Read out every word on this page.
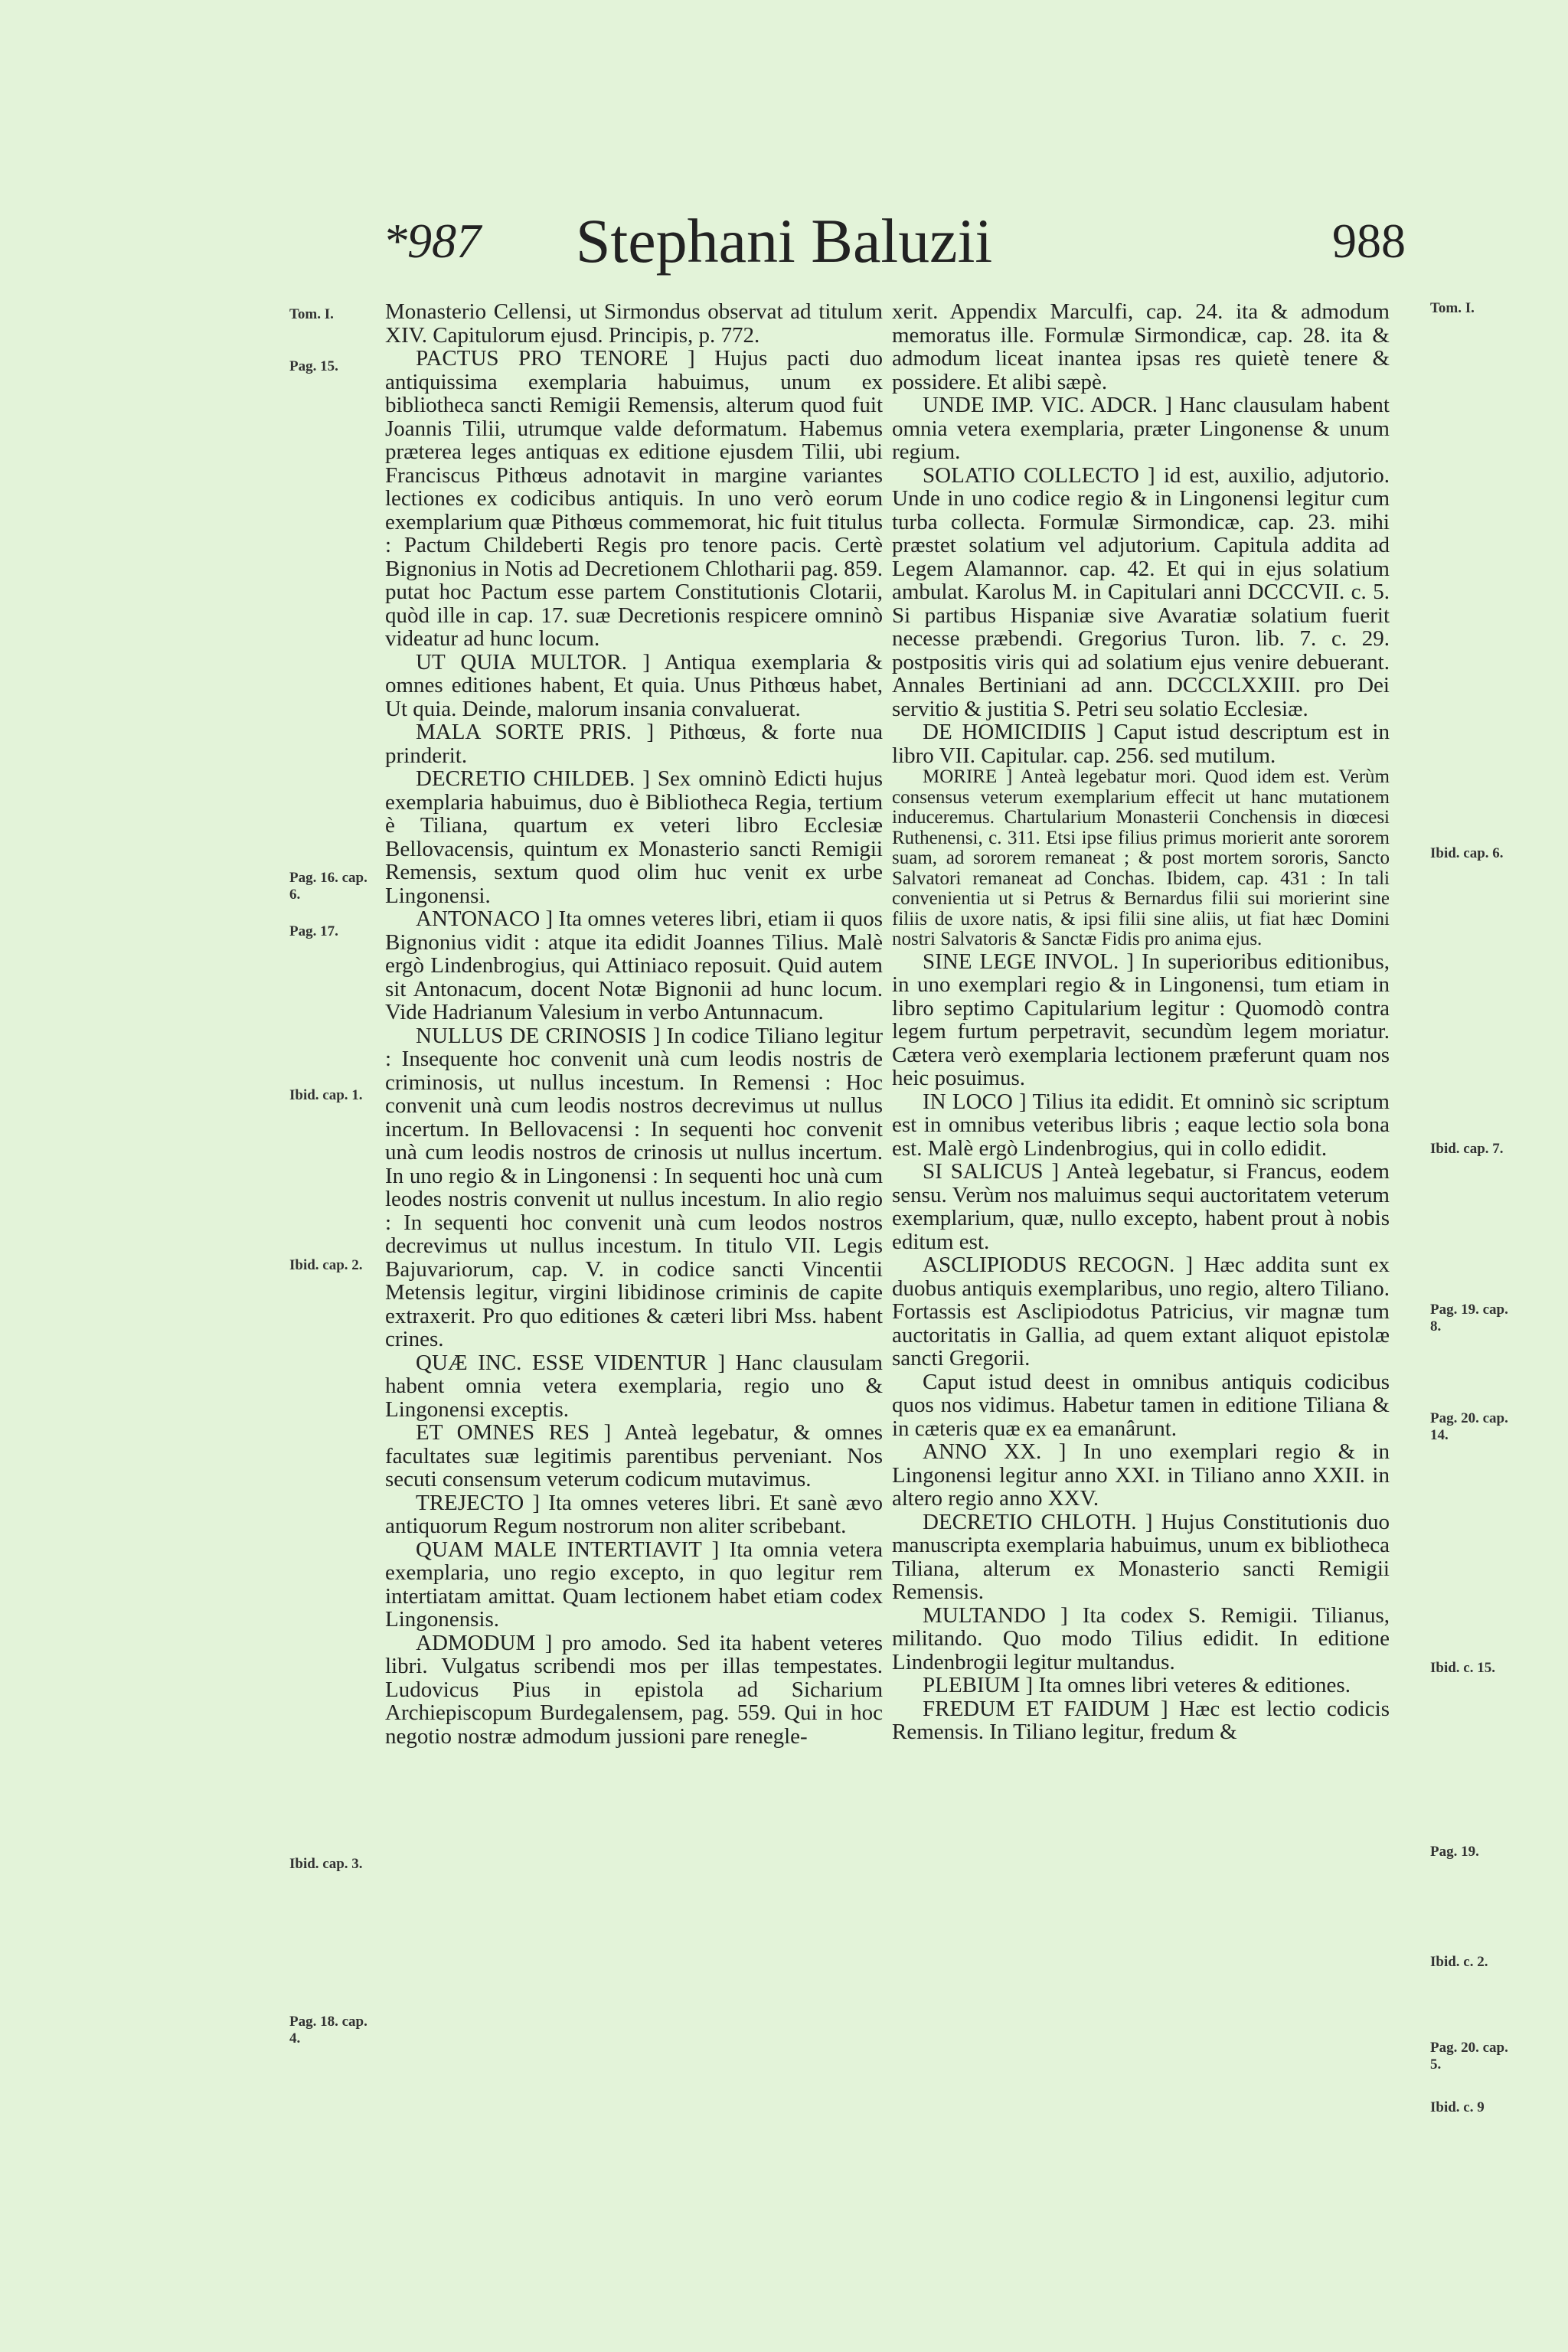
*987	Stephani Baluzii	988
Tom. I.
Pag. 15.
Pag. 16. cap. 6.
Pag. 17.
Ibid. cap. 1.
Ibid. cap. 2.
Ibid. cap. 3.
Pag. 18. cap. 4.
Tom. I.
Ibid. cap. 6.
Ibid. cap. 7.
Pag. 19. cap. 8.
Pag. 20. cap. 14.
Ibid. c. 15.
Pag. 19.
Ibid. c. 2.
Pag. 20. cap. 5.
Ibid. c. 9

Monasterio Cellensi, ut Sirmondus observat ad titulum XIV. Capitulorum ejusd. Principis, p. 772.

PACTUS PRO TENORE ] Hujus pacti duo antiquissima exemplaria habuimus, unum ex bibliotheca sancti Remigii Remensis, alterum quod fuit Joannis Tilii, utrumque valde deformatum. Habemus præterea leges antiquas ex editione ejusdem Tilii, ubi Franciscus Pithœus adnotavit in margine variantes lectiones ex codicibus antiquis. In uno verò eorum exemplarium quæ Pithœus commemorat, hic fuit titulus : Pactum Childeberti Regis pro tenore pacis. Certè Bignonius in Notis ad Decretionem Chlotharii pag. 859. putat hoc Pactum esse partem Constitutionis Clotarii, quòd ille in cap. 17. suæ Decretionis respicere omninò videatur ad hunc locum.

UT QUIA MULTOR. ] Antiqua exemplaria & omnes editiones habent, Et quia. Unus Pithœus habet, Ut quia. Deinde, malorum insania convaluerat.

MALA SORTE PRIS. ] Pithœus, & forte nua prinderit.

DECRETIO CHILDEB. ] Sex omninò Edicti hujus exemplaria habuimus, duo è Bibliotheca Regia, tertium è Tiliana, quartum ex veteri libro Ecclesiæ Bellovacensis, quintum ex Monasterio sancti Remigii Remensis, sextum quod olim huc venit ex urbe Lingonensi.

ANTONACO ] Ita omnes veteres libri, etiam ii quos Bignonius vidit : atque ita edidit Joannes Tilius. Malè ergò Lindenbrogius, qui Attiniaco reposuit. Quid autem sit Antonacum, docent Notæ Bignonii ad hunc locum. Vide Hadrianum Valesium in verbo Antunnacum.

NULLUS DE CRINOSIS ] In codice Tiliano legitur : Insequente hoc convenit unà cum leodis nostris de criminosis, ut nullus incestum. In Remensi : Hoc convenit unà cum leodis nostros decrevimus ut nullus incertum. In Bellovacensi : In sequenti hoc convenit unà cum leodis nostros de crinosis ut nullus incertum. In uno regio & in Lingonensi : In sequenti hoc unà cum leodes nostris convenit ut nullus incestum. In alio regio : In sequenti hoc convenit unà cum leodos nostros decrevimus ut nullus incestum. In titulo VII. Legis Bajuvariorum, cap. V. in codice sancti Vincentii Metensis legitur, virgini libidinose criminis de capite extraxerit. Pro quo editiones & cæteri libri Mss. habent crines.

QUÆ INC. ESSE VIDENTUR ] Hanc clausulam habent omnia vetera exemplaria, regio uno & Lingonensi exceptis.

ET OMNES RES ] Anteà legebatur, & omnes facultates suæ legitimis parentibus perveniant. Nos secuti consensum veterum codicum mutavimus.

TREJECTO ] Ita omnes veteres libri. Et sanè ævo antiquorum Regum nostrorum non aliter scribebant.

QUAM MALE INTERTIAVIT ] Ita omnia vetera exemplaria, uno regio excepto, in quo legitur rem intertiatam amittat. Quam lectionem habet etiam codex Lingonensis.

ADMODUM ] pro amodo. Sed ita habent veteres libri. Vulgatus scribendi mos per illas tempestates. Ludovicus Pius in epistola ad Sicharium Archiepiscopum Burdegalensem, pag. 559. Qui in hoc negotio nostræ admodum jussioni pare renegle-

xerit. Appendix Marculfi, cap. 24. ita & admodum memoratus ille. Formulæ Sirmondicæ, cap. 28. ita & admodum liceat inantea ipsas res quietè tenere & possidere. Et alibi sæpè.

UNDE IMP. VIC. ADCR. ] Hanc clausulam habent omnia vetera exemplaria, præter Lingonense & unum regium.

SOLATIO COLLECTO ] id est, auxilio, adjutorio. Unde in uno codice regio & in Lingonensi legitur cum turba collecta. Formulæ Sirmondicæ, cap. 23. mihi præstet solatium vel adjutorium. Capitula addita ad Legem Alamannor. cap. 42. Et qui in ejus solatium ambulat. Karolus M. in Capitulari anni DCCCVII. c. 5. Si partibus Hispaniæ sive Avaratiæ solatium fuerit necesse præbendi. Gregorius Turon. lib. 7. c. 29. postpositis viris qui ad solatium ejus venire debuerant. Annales Bertiniani ad ann. DCCCLXXIII. pro Dei servitio & justitia S. Petri seu solatio Ecclesiæ.

DE HOMICIDIIS ] Caput istud descriptum est in libro VII. Capitular. cap. 256. sed mutilum.

MORIRE ] Anteà legebatur mori. Quod idem est. Verùm consensus veterum exemplarium effecit ut hanc mutationem induceremus. Chartularium Monasterii Conchensis in diœcesi Ruthenensi, c. 311. Etsi ipse filius primus morierit ante sororem suam, ad sororem remaneat ; & post mortem sororis, Sancto Salvatori remaneat ad Conchas. Ibidem, cap. 431 : In tali convenientia ut si Petrus & Bernardus filii sui morierint sine filiis de uxore natis, & ipsi filii sine aliis, ut fiat hæc Domini nostri Salvatoris & Sanctæ Fidis pro anima ejus.

SINE LEGE INVOL. ] In superioribus editionibus, in uno exemplari regio & in Lingonensi, tum etiam in libro septimo Capitularium legitur : Quomodò contra legem furtum perpetravit, secundùm legem moriatur. Cætera verò exemplaria lectionem præferunt quam nos heic posuimus.

IN LOCO ] Tilius ita edidit. Et omninò sic scriptum est in omnibus veteribus libris ; eaque lectio sola bona est. Malè ergò Lindenbrogius, qui in collo edidit.

SI SALICUS ] Anteà legebatur, si Francus, eodem sensu. Verùm nos maluimus sequi auctoritatem veterum exemplarium, quæ, nullo excepto, habent prout à nobis editum est.

ASCLIPIODUS RECOGN. ] Hæc addita sunt ex duobus antiquis exemplaribus, uno regio, altero Tiliano. Fortassis est Asclipiodotus Patricius, vir magnæ tum auctoritatis in Gallia, ad quem extant aliquot epistolæ sancti Gregorii.

Caput istud deest in omnibus antiquis codicibus quos nos vidimus. Habetur tamen in editione Tiliana & in cæteris quæ ex ea emanârunt.

ANNO XX. ] In uno exemplari regio & in Lingonensi legitur anno XXI. in Tiliano anno XXII. in altero regio anno XXV.

DECRETIO CHLOTH. ] Hujus Constitutionis duo manuscripta exemplaria habuimus, unum ex bibliotheca Tiliana, alterum ex Monasterio sancti Remigii Remensis.

MULTANDO ] Ita codex S. Remigii. Tilianus, militando. Quo modo Tilius edidit. In editione Lindenbrogii legitur multandus.

PLEBIUM ] Ita omnes libri veteres & editiones.

FREDUM ET FAIDUM ] Hæc est lectio codicis Remensis. In Tiliano legitur, fredum &
